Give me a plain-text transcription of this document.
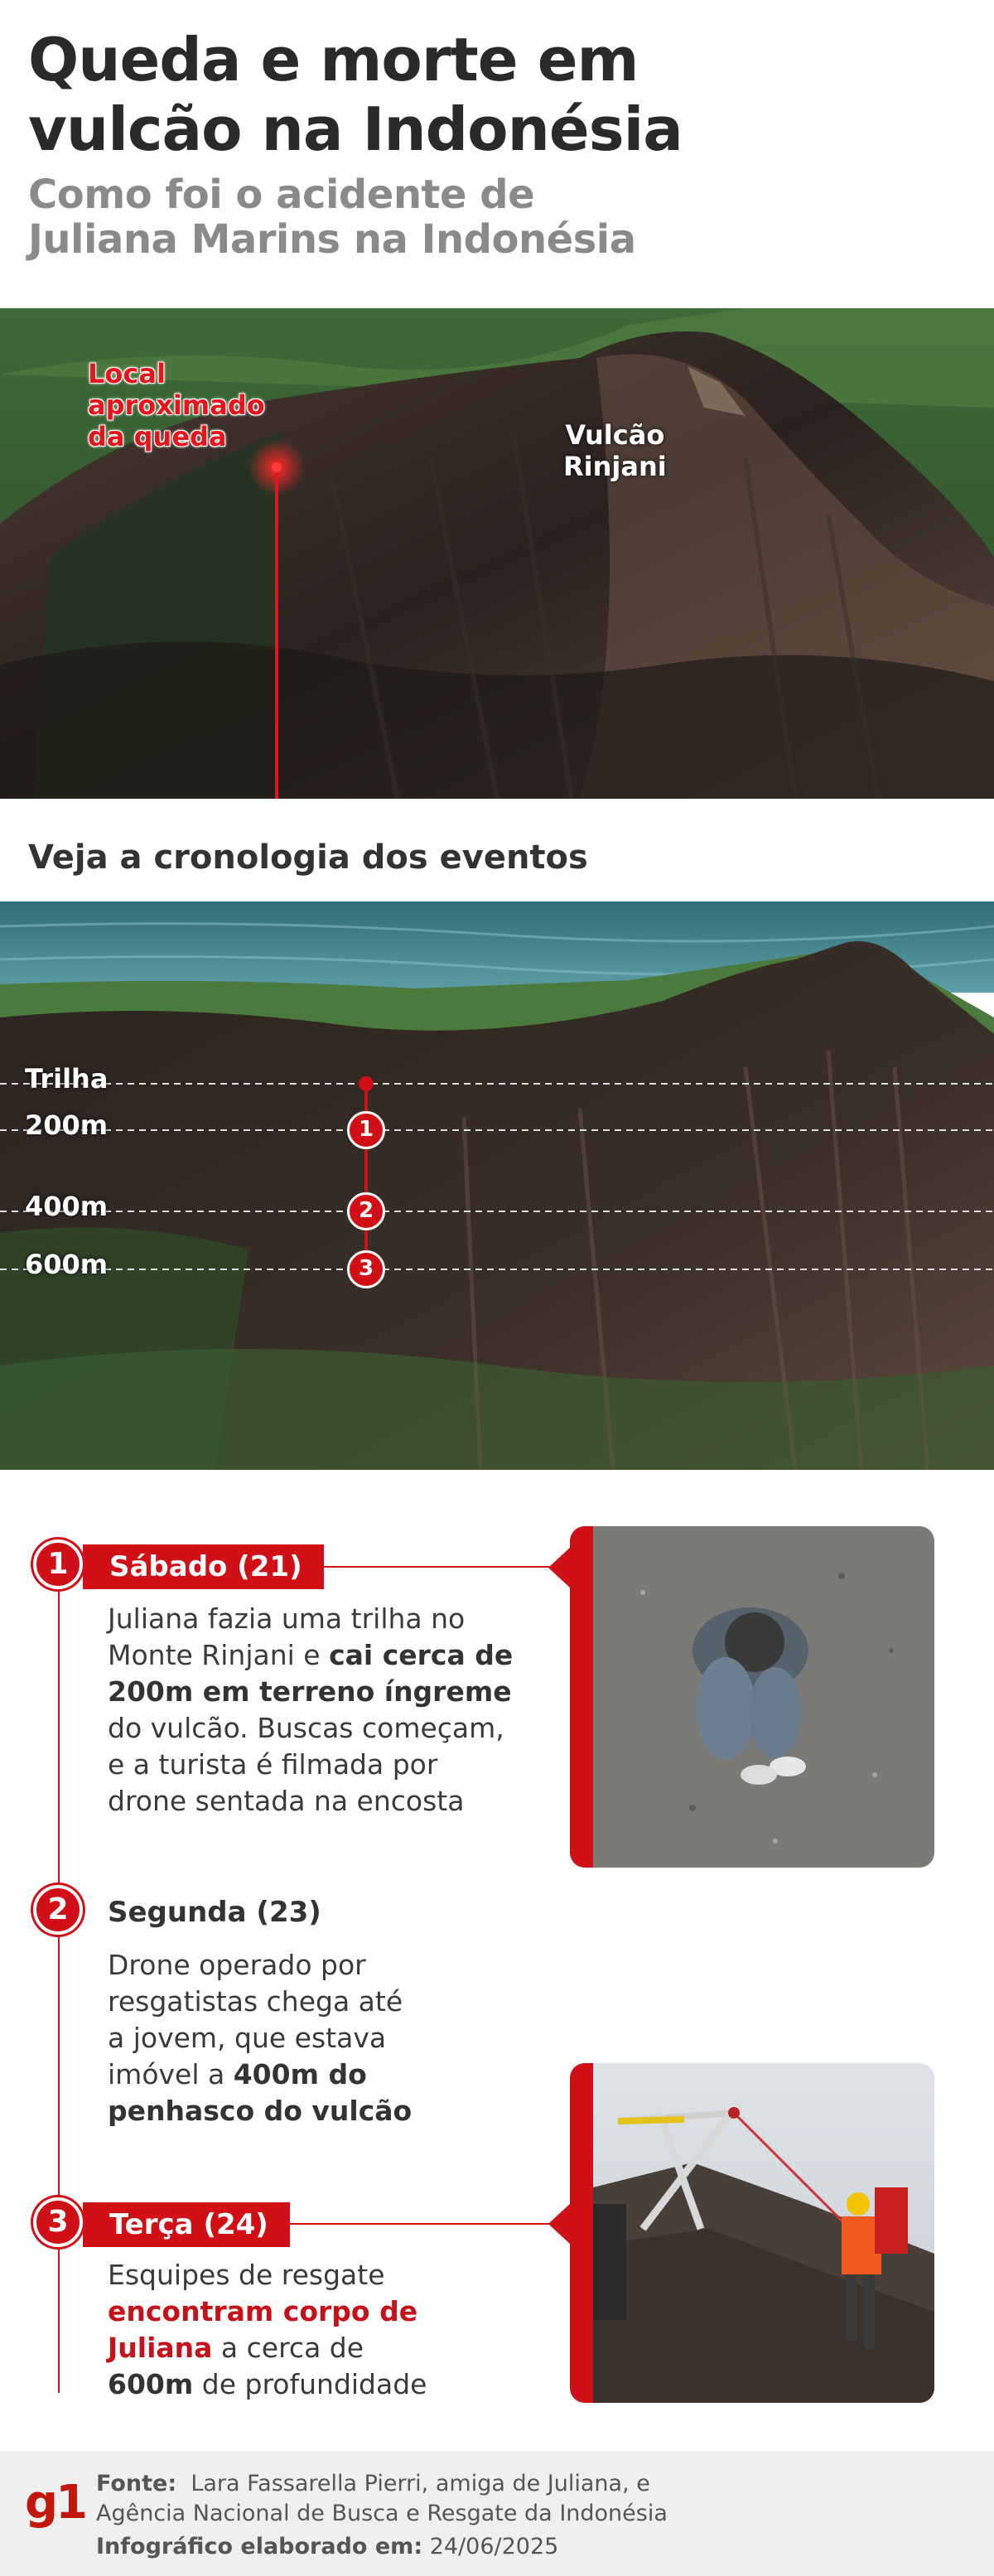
Queda e morte em
vulcão na Indonésia
Como foi o acidente de
Juliana Marins na Indonésia
Local
aproximado
da queda	Vulcão
Rinjani
Veja a cronologia dos eventos
Trilha
200m
400m
600m
1
2
3
1	Sábado (21)
Juliana fazia uma trilha no
Monte Rinjani e cai cerca de
200m em terreno íngreme
do vulcão. Buscas começam,
e a turista é filmada por
drone sentada na encosta
2	Segunda (23)
Drone operado por
resgatistas chega até
a jovem, que estava
imóvel a 400m do
penhasco do vulcão
3	Terça (24)
Esquipes de resgate
encontram corpo de
Juliana a cerca de
600m de profundidade
g1 Fonte: Lara Fassarella Pierri, amiga de Juliana, e
Agência Nacional de Busca e Resgate da Indonésia
Infográfico elaborado em: 24/06/2025
